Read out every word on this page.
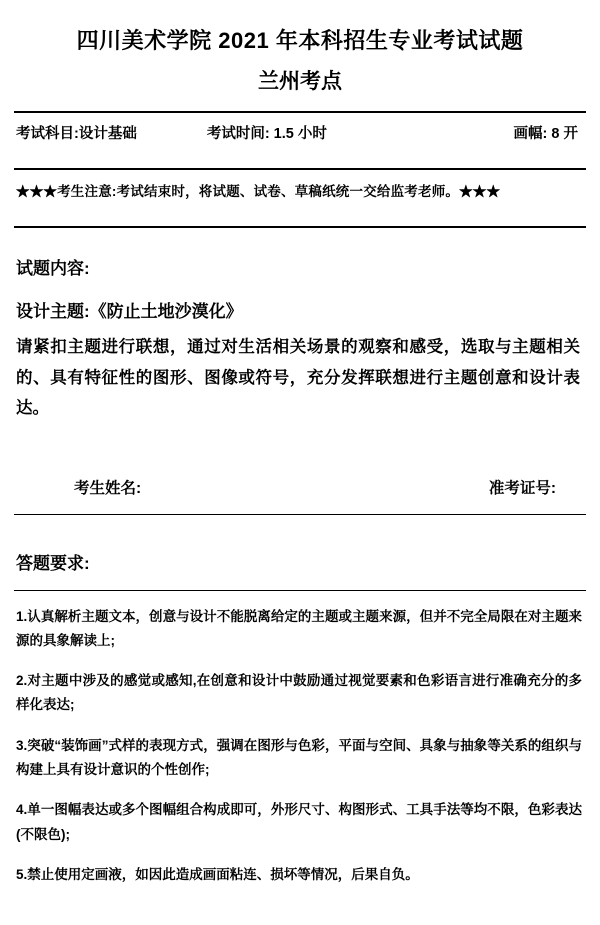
四川美术学院 2021 年本科招生专业考试试题
兰州考点
考试科目:设计基础	考试时间: 1.5 小时	画幅: 8 开
★★★考生注意:考试结束时，将试题、试卷、草稿纸统一交给监考老师。★★★
试题内容:
设计主题:《防止土地沙漠化》
请紧扣主题进行联想，通过对生活相关场景的观察和感受，选取与主题相关的、具有特征性的图形、图像或符号，充分发挥联想进行主题创意和设计表达。
考生姓名:	准考证号:
答题要求:
1.认真解析主题文本，创意与设计不能脱离给定的主题或主题来源，但并不完全局限在对主题来源的具象解读上;
2.对主题中涉及的感觉或感知,在创意和设计中鼓励通过视觉要素和色彩语言进行准确充分的多样化表达;
3.突破“装饰画”式样的表现方式，强调在图形与色彩，平面与空间、具象与抽象等关系的组织与构建上具有设计意识的个性创作;
4.单一图幅表达或多个图幅组合构成即可，外形尺寸、构图形式、工具手法等均不限，色彩表达(不限色);
5.禁止使用定画液，如因此造成画面粘连、损坏等情况，后果自负。
